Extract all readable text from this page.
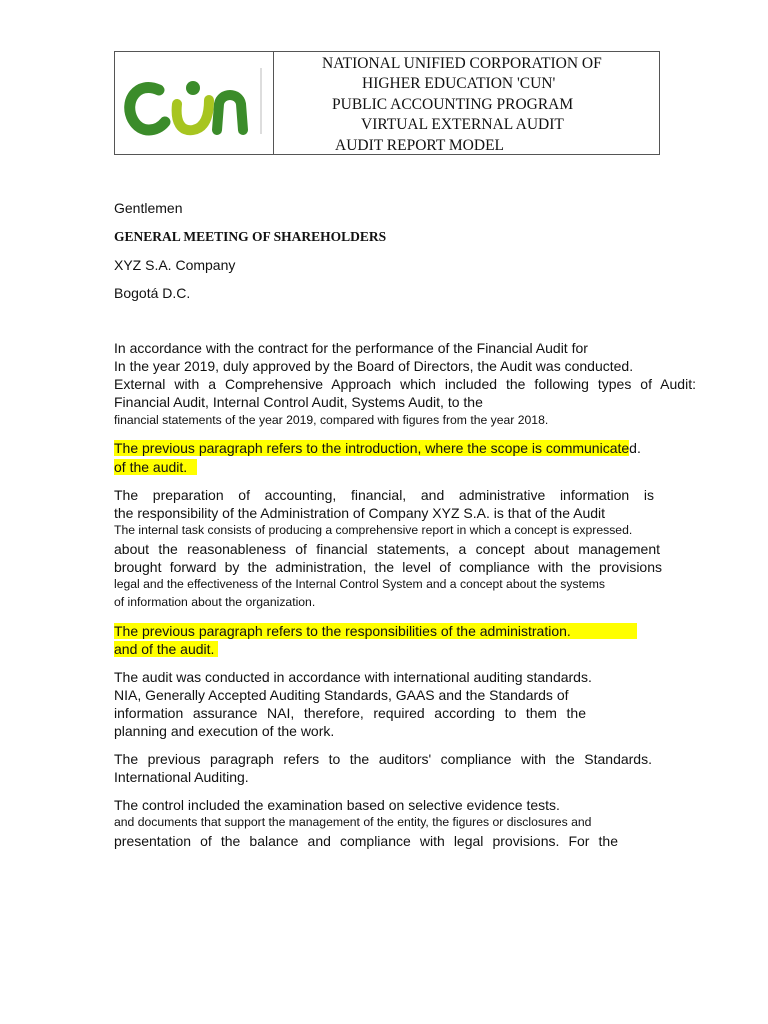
NATIONAL UNIFIED CORPORATION OF
HIGHER EDUCATION 'CUN'
PUBLIC ACCOUNTING PROGRAM
VIRTUAL EXTERNAL AUDIT
AUDIT REPORT MODEL
Gentlemen
GENERAL MEETING OF SHAREHOLDERS
XYZ S.A. Company
Bogotá D.C.
In accordance with the contract for the performance of the Financial Audit for
In the year 2019, duly approved by the Board of Directors, the Audit was conducted.
External with a Comprehensive Approach which included the following types of Audit:
Financial Audit, Internal Control Audit, Systems Audit, to the
financial statements of the year 2019, compared with figures from the year 2018.
The previous paragraph refers to the introduction, where the scope is communicated.
of the audit.
The preparation of accounting, financial, and administrative information is
the responsibility of the Administration of Company XYZ S.A. is that of the Audit
The internal task consists of producing a comprehensive report in which a concept is expressed.
about the reasonableness of financial statements, a concept about management
brought forward by the administration, the level of compliance with the provisions
legal and the effectiveness of the Internal Control System and a concept about the systems
of information about the organization.
The previous paragraph refers to the responsibilities of the administration.
and of the audit.
The audit was conducted in accordance with international auditing standards.
NIA, Generally Accepted Auditing Standards, GAAS and the Standards of
information assurance NAI, therefore, required according to them the
planning and execution of the work.
The previous paragraph refers to the auditors' compliance with the Standards.
International Auditing.
The control included the examination based on selective evidence tests.
and documents that support the management of the entity, the figures or disclosures and
presentation of the balance and compliance with legal provisions. For the
